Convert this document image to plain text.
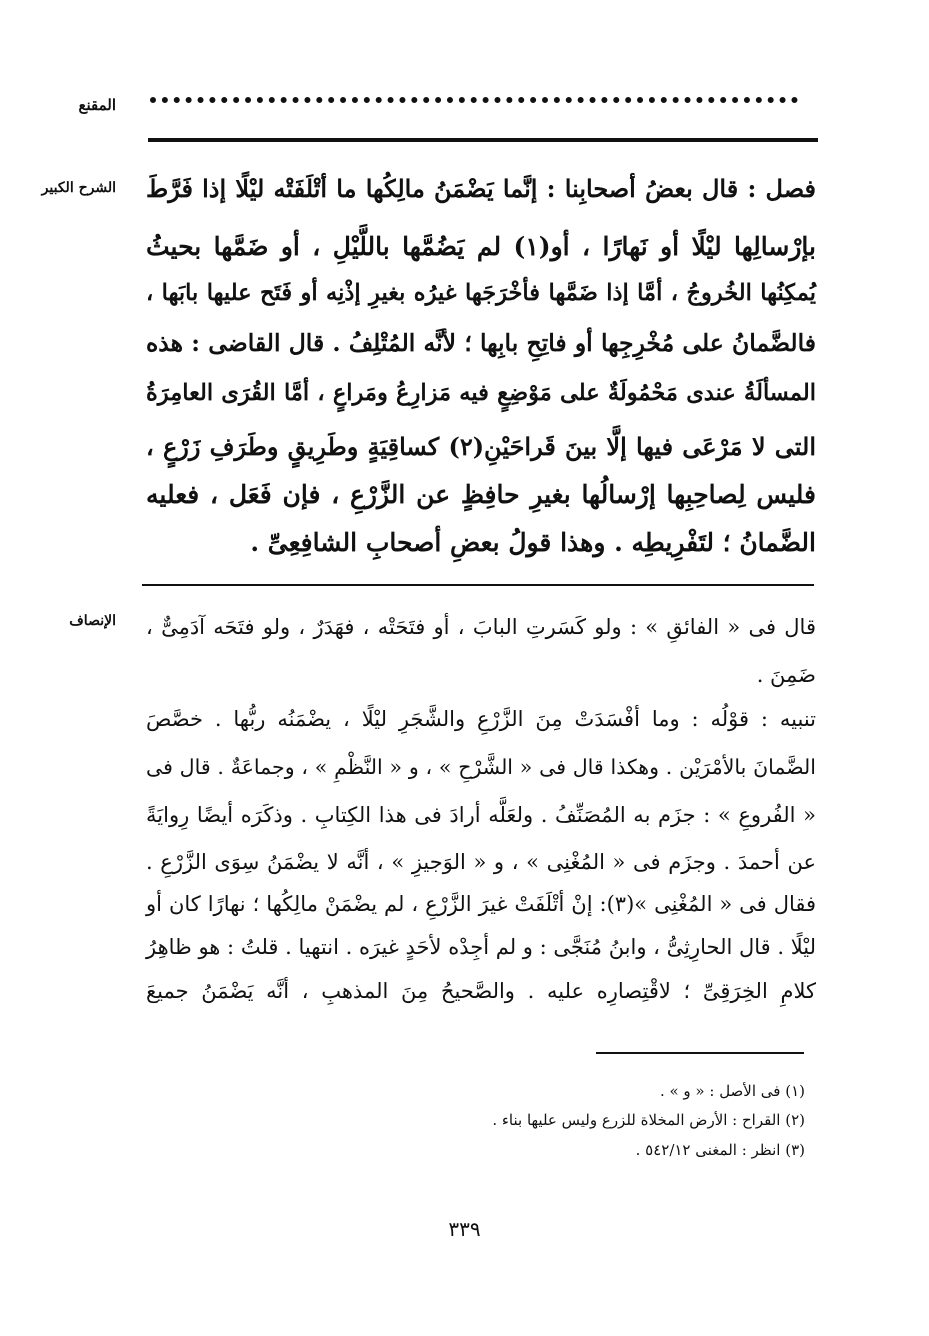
المقنع
الشرح الكبير
الإنصاف
فصل : قال بعضُ أصحابِنا : إنَّما يَضْمَنُ مالِكُها ما أتْلَفَتْه ليْلًا إذا فَرَّطَ
بإرْسالِها ليْلًا أو نَهارًا ، أو(١) لم يَضُمَّها باللَّيْلِ ، أو ضَمَّها بحيثُ
يُمكِنُها الخُروجُ ، أمَّا إذا ضَمَّها فأخْرَجَها غيرُه بغيرِ إذْنِه أو فَتَح عليها بابَها ،
فالضَّمانُ على مُخْرِجِها أو فاتِحِ بابِها ؛ لأنَّه المُتْلِفُ . قال القاضى : هذه
المسألَةُ عندى مَحْمُولَةٌ على مَوْضِعٍ فيه مَزارِعُ ومَراعٍ ، أمَّا القُرَى العامِرَةُ
التى لا مَرْعَى فيها إلَّا بينَ قَراحَيْنِ(٢) كساقِيَةٍ وطَرِيقٍ وطَرَفِ زَرْعٍ ،
فليس لِصاحِبِها إرْسالُها بغيرِ حافِظٍ عن الزَّرْعِ ، فإن فَعَل ، فعليه
الضَّمانُ ؛ لتَفْرِيطِه . وهذا قولُ بعضِ أصحابِ الشافِعِىِّ .
قال فى « الفائقِ » : ولو كَسَرتِ البابَ ، أو فتَحَتْه ، فهَدَرٌ ، ولو فتَحَه آدَمِىٌّ ،
ضَمِنَ .
تنبيه : قوْلُه : وما أفْسَدَتْ مِنَ الزَّرْعِ والشَّجَرِ ليْلًا ، يضْمَنُه ربُّها . خصَّصَ
الضَّمانَ بالأمْرَيْن . وهكذا قال فى « الشَّرْحِ » ، و « النَّظْمِ » ، وجماعَةٌ . قال فى
« الفُروعِ » : جزَم به المُصَنِّفُ . ولعَلَّه أرادَ فى هذا الكِتابِ . وذكَرَه أيضًا رِوايَةً
عن أحمدَ . وجزَم فى « المُغْنِى » ، و « الوَجيزِ » ، أنَّه لا يضْمَنُ سِوَى الزَّرْعِ .
فقال فى « المُغْنِى »(٣): إنْ أتْلَفَتْ غيرَ الزَّرْعِ ، لم يضْمَنْ مالِكُها ؛ نهارًا كان أو
ليْلًا . قال الحارِثِىُّ ، وابنُ مُنَجَّى : و لم أجِدْه لأحَدٍ غيرَه . انتهيا . قلتُ : هو ظاهِرُ
كلامِ الخِرَقِىِّ ؛ لاقْتِصارِه عليه . والصَّحيحُ مِنَ المذهبِ ، أنَّه يَضْمَنُ جميعَ
(١) فى الأصل : « و » .
(٢) القراح : الأرض المخلاة للزرع وليس عليها بناء .
(٣) انظر : المغنى ٥٤٢/١٢ .
٣٣٩
